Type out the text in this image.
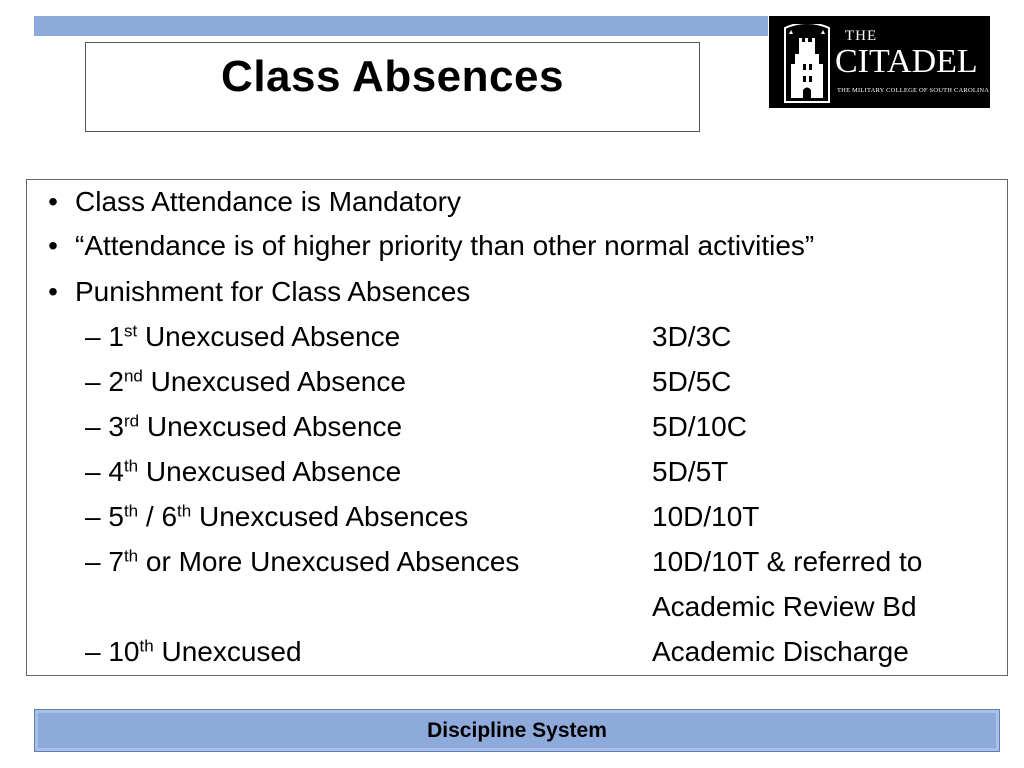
Class Absences
THE
CITADEL
THE MILITARY COLLEGE OF SOUTH CAROLINA
• Class Attendance is Mandatory
• “Attendance is of higher priority than other normal activities”
• Punishment for Class Absences
– 1st Unexcused Absence	3D/3C
– 2nd Unexcused Absence	5D/5C
– 3rd Unexcused Absence	5D/10C
– 4th Unexcused Absence	5D/5T
– 5th / 6th Unexcused Absences	10D/10T
– 7th or More Unexcused Absences	10D/10T & referred to
Academic Review Bd
– 10th Unexcused	Academic Discharge
Discipline System
